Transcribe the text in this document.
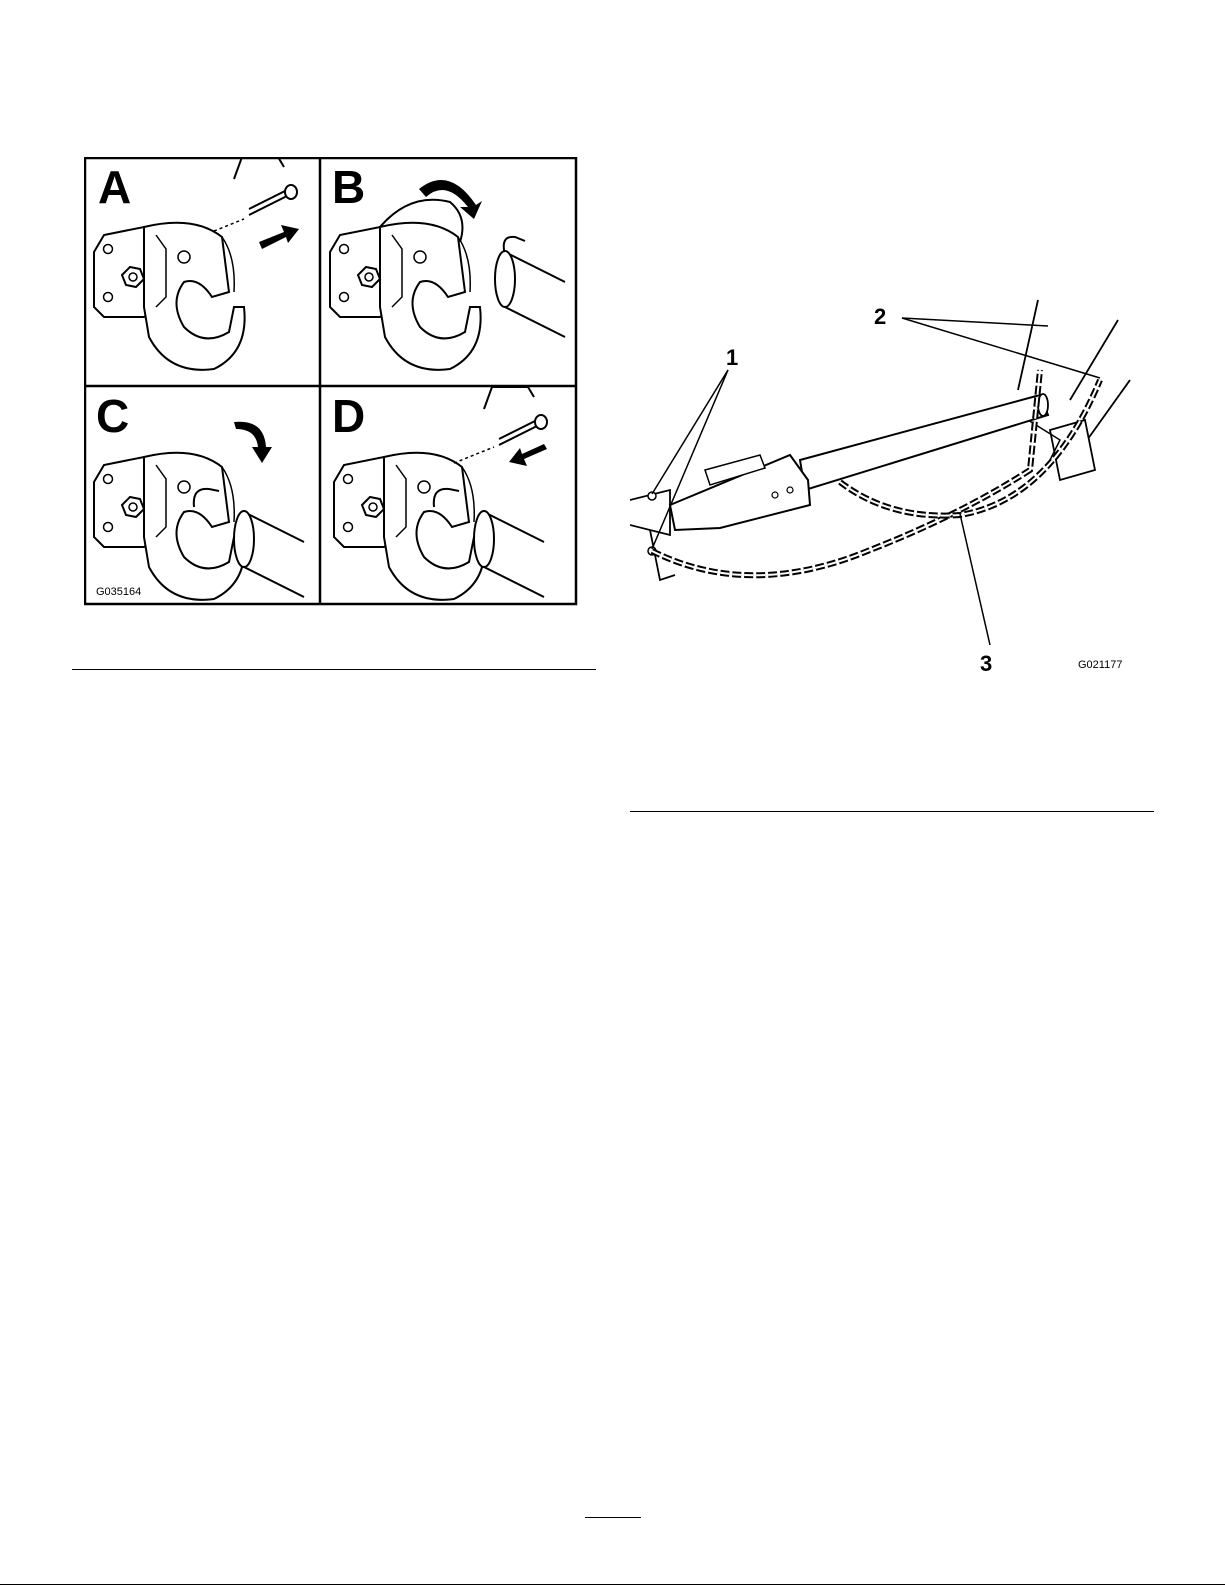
A	B
C
G035164
D
1
2
3	G021177
